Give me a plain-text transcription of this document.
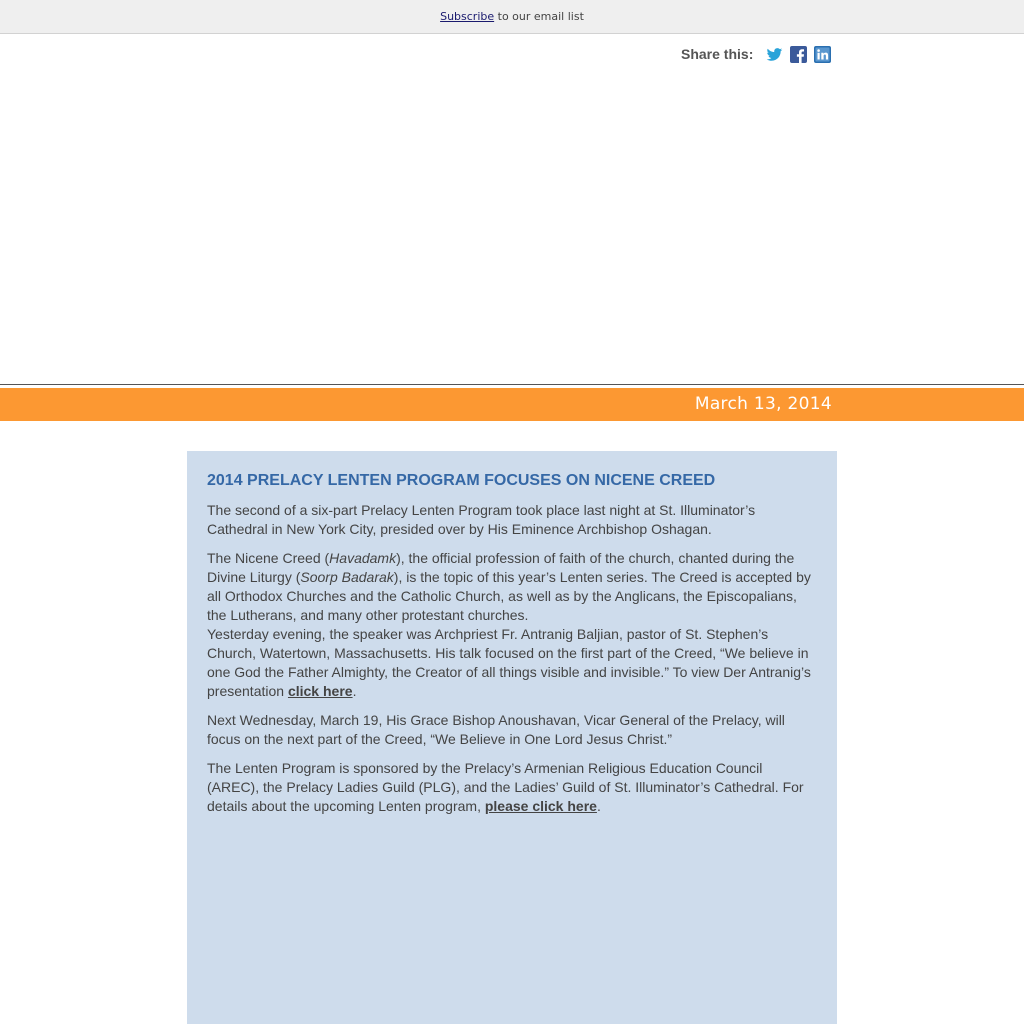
Subscribe to our email list
Share this:
March 13, 2014
2014 PRELACY LENTEN PROGRAM FOCUSES ON NICENE CREED

The second of a six-part Prelacy Lenten Program took place last night at St. Illuminator’s Cathedral in New York City, presided over by His Eminence Archbishop Oshagan.

The Nicene Creed (Havadamk), the official profession of faith of the church, chanted during the Divine Liturgy (Soorp Badarak), is the topic of this year’s Lenten series. The Creed is accepted by all Orthodox Churches and the Catholic Church, as well as by the Anglicans, the Episcopalians, the Lutherans, and many other protestant churches.

Yesterday evening, the speaker was Archpriest Fr. Antranig Baljian, pastor of St. Stephen’s Church, Watertown, Massachusetts. His talk focused on the first part of the Creed, “We believe in one God the Father Almighty, the Creator of all things visible and invisible.” To view Der Antranig’s presentation click here.

Next Wednesday, March 19, His Grace Bishop Anoushavan, Vicar General of the Prelacy, will focus on the next part of the Creed, “We Believe in One Lord Jesus Christ.”

The Lenten Program is sponsored by the Prelacy’s Armenian Religious Education Council (AREC), the Prelacy Ladies Guild (PLG), and the Ladies’ Guild of St. Illuminator’s Cathedral. For details about the upcoming Lenten program, please click here.
